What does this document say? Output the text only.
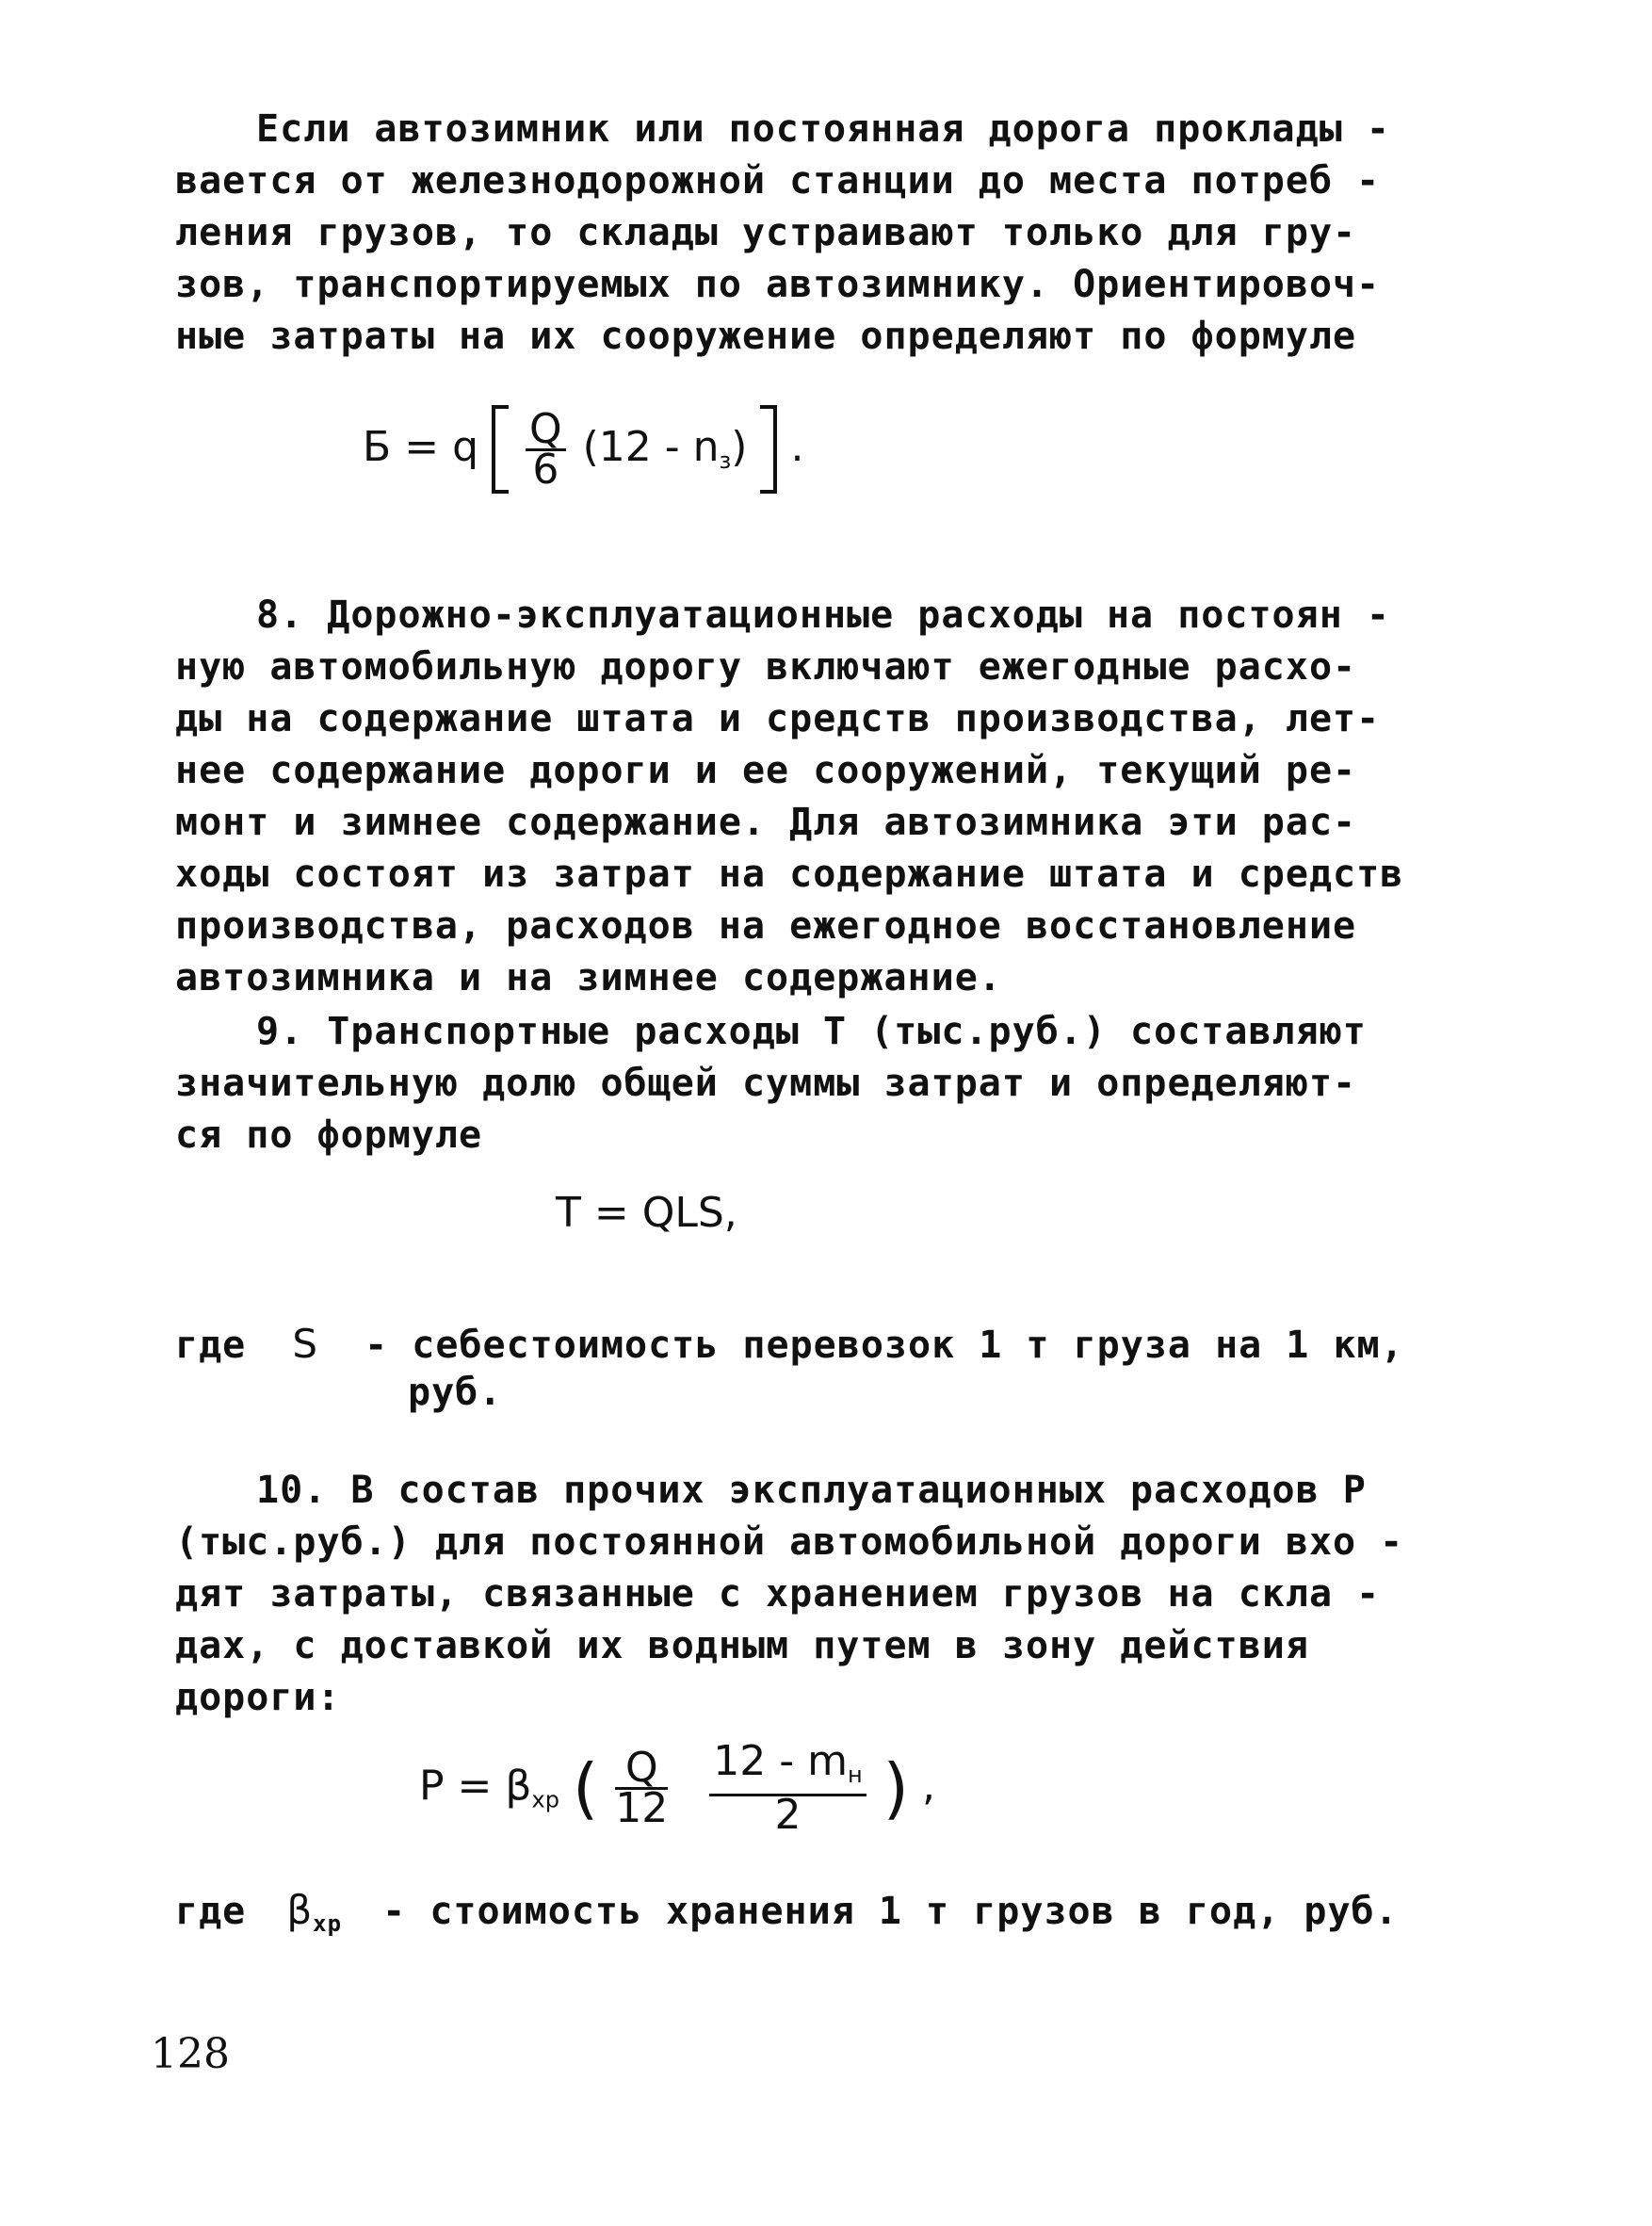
Если автозимник или постоянная дорога проклады -
вается от железнодорожной станции до места потреб -
ления грузов, то склады устраивают только для гру-
зов, транспортируемых по автозимнику. Ориентировоч-
ные затраты на их сооружение определяют по формуле
Б = q $\frac{Q}{6} (12 - n_з)$ .
8. Дорожно-эксплуатационные расходы на постоян -
ную автомобильную дорогу включают ежегодные расхо-
ды на содержание штата и средств производства, лет-
нее содержание дороги и ее сооружений, текущий ре-
монт и зимнее содержание. Для автозимника эти рас-
ходы состоят из затрат на содержание штата и средств
производства, расходов на ежегодное восстановление
автозимника и на зимнее содержание.
9. Транспортные расходы Т (тыс.руб.) составляют
значительную долю общей суммы затрат и определяют-
ся по формуле
T = QLS,
где S - себестоимость перевозок 1 т груза на 1 км,
руб.
10. В состав прочих эксплуатационных расходов Р
(тыс.руб.) для постоянной автомобильной дороги вхо -
дят затраты, связанные с хранением грузов на скла -
дах, с доставкой их водным путем в зону действия
дороги:
$P = \beta_{хр}$ ( $\frac{Q}{12}$
$\frac{12 - m_н}{2}$ ) ,
где $\beta_{хр}$ - стоимость хранения 1 т грузов в год, руб.
128
